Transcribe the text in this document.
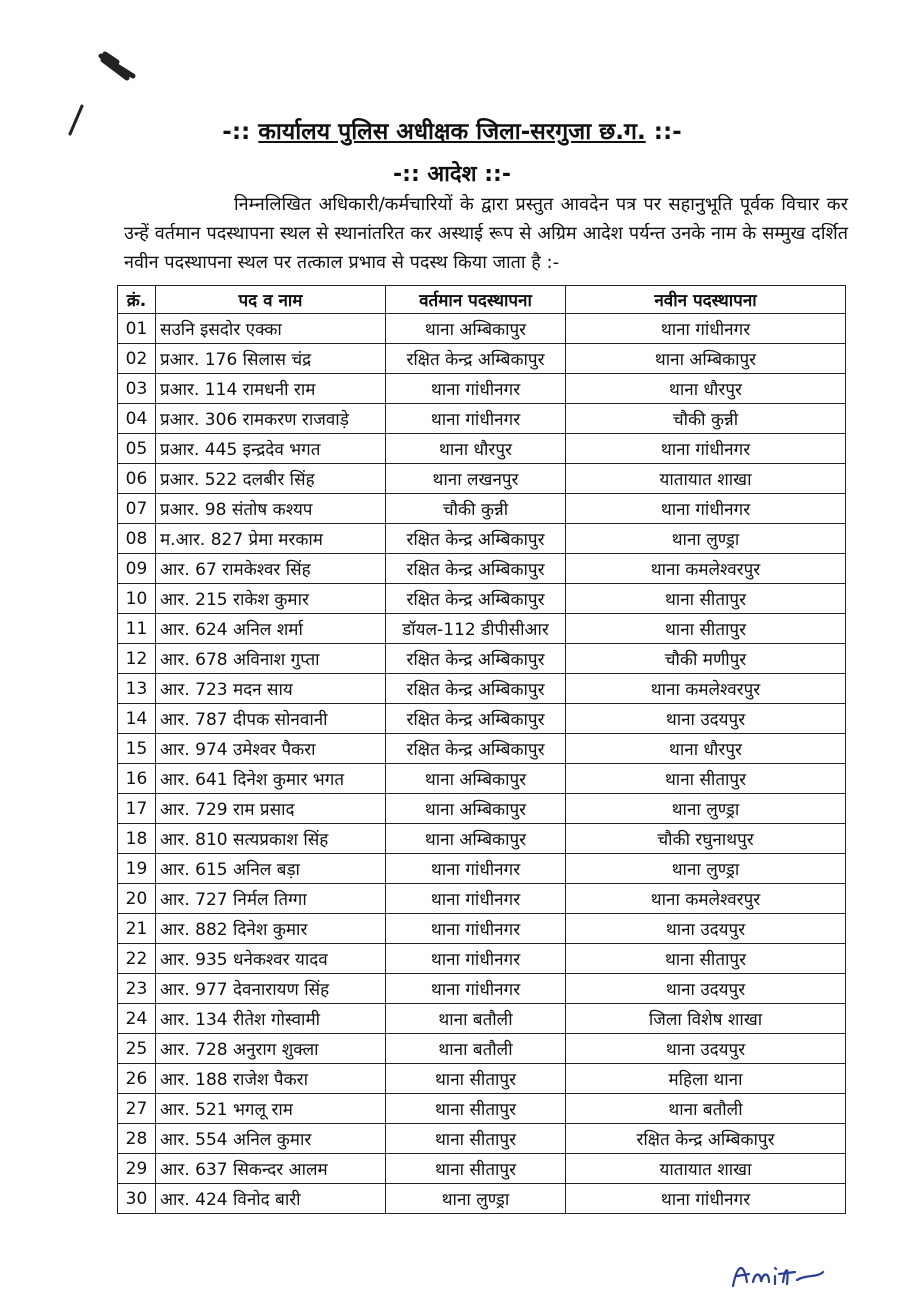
-:: कार्यालय पुलिस अधीक्षक जिला-सरगुजा छ.ग. ::-
-:: आदेश ::-
निम्नलिखित अधिकारी/कर्मचारियों के द्वारा प्रस्तुत आवदेन पत्र पर सहानुभूति पूर्वक विचार कर उन्हें वर्तमान पदस्थापना स्थल से स्थानांतरित कर अस्थाई रूप से अग्रिम आदेश पर्यन्त उनके नाम के सम्मुख दर्शित नवीन पदस्थापना स्थल पर तत्काल प्रभाव से पदस्थ किया जाता है :-
क्रं.	पद व नाम	वर्तमान पदस्थापना	नवीन पदस्थापना
01	सउनि इसदोर एक्का	थाना अम्बिकापुर	थाना गांधीनगर
02	प्रआर. 176 सिलास चंद्र	रक्षित केन्द्र अम्बिकापुर	थाना अम्बिकापुर
03	प्रआर. 114 रामधनी राम	थाना गांधीनगर	थाना धौरपुर
04	प्रआर. 306 रामकरण राजवाड़े	थाना गांधीनगर	चौकी कुन्नी
05	प्रआर. 445 इन्द्रदेव भगत	थाना धौरपुर	थाना गांधीनगर
06	प्रआर. 522 दलबीर सिंह	थाना लखनपुर	यातायात शाखा
07	प्रआर. 98 संतोष कश्यप	चौकी कुन्नी	थाना गांधीनगर
08	म.आर. 827 प्रेमा मरकाम	रक्षित केन्द्र अम्बिकापुर	थाना लुण्ड्रा
09	आर. 67 रामकेश्वर सिंह	रक्षित केन्द्र अम्बिकापुर	थाना कमलेश्वरपुर
10	आर. 215 राकेश कुमार	रक्षित केन्द्र अम्बिकापुर	थाना सीतापुर
11	आर. 624 अनिल शर्मा	डॉयल-112 डीपीसीआर	थाना सीतापुर
12	आर. 678 अविनाश गुप्ता	रक्षित केन्द्र अम्बिकापुर	चौकी मणीपुर
13	आर. 723 मदन साय	रक्षित केन्द्र अम्बिकापुर	थाना कमलेश्वरपुर
14	आर. 787 दीपक सोनवानी	रक्षित केन्द्र अम्बिकापुर	थाना उदयपुर
15	आर. 974 उमेश्वर पैकरा	रक्षित केन्द्र अम्बिकापुर	थाना धौरपुर
16	आर. 641 दिनेश कुमार भगत	थाना अम्बिकापुर	थाना सीतापुर
17	आर. 729 राम प्रसाद	थाना अम्बिकापुर	थाना लुण्ड्रा
18	आर. 810 सत्यप्रकाश सिंह	थाना अम्बिकापुर	चौकी रघुनाथपुर
19	आर. 615 अनिल बड़ा	थाना गांधीनगर	थाना लुण्ड्रा
20	आर. 727 निर्मल तिग्गा	थाना गांधीनगर	थाना कमलेश्वरपुर
21	आर. 882 दिनेश कुमार	थाना गांधीनगर	थाना उदयपुर
22	आर. 935 धनेकश्वर यादव	थाना गांधीनगर	थाना सीतापुर
23	आर. 977 देवनारायण सिंह	थाना गांधीनगर	थाना उदयपुर
24	आर. 134 रीतेश गोस्वामी	थाना बतौली	जिला विशेष शाखा
25	आर. 728 अनुराग शुक्ला	थाना बतौली	थाना उदयपुर
26	आर. 188 राजेश पैकरा	थाना सीतापुर	महिला थाना
27	आर. 521 भगलू राम	थाना सीतापुर	थाना बतौली
28	आर. 554 अनिल कुमार	थाना सीतापुर	रक्षित केन्द्र अम्बिकापुर
29	आर. 637 सिकन्दर आलम	थाना सीतापुर	यातायात शाखा
30	आर. 424 विनोद बारी	थाना लुण्ड्रा	थाना गांधीनगर
